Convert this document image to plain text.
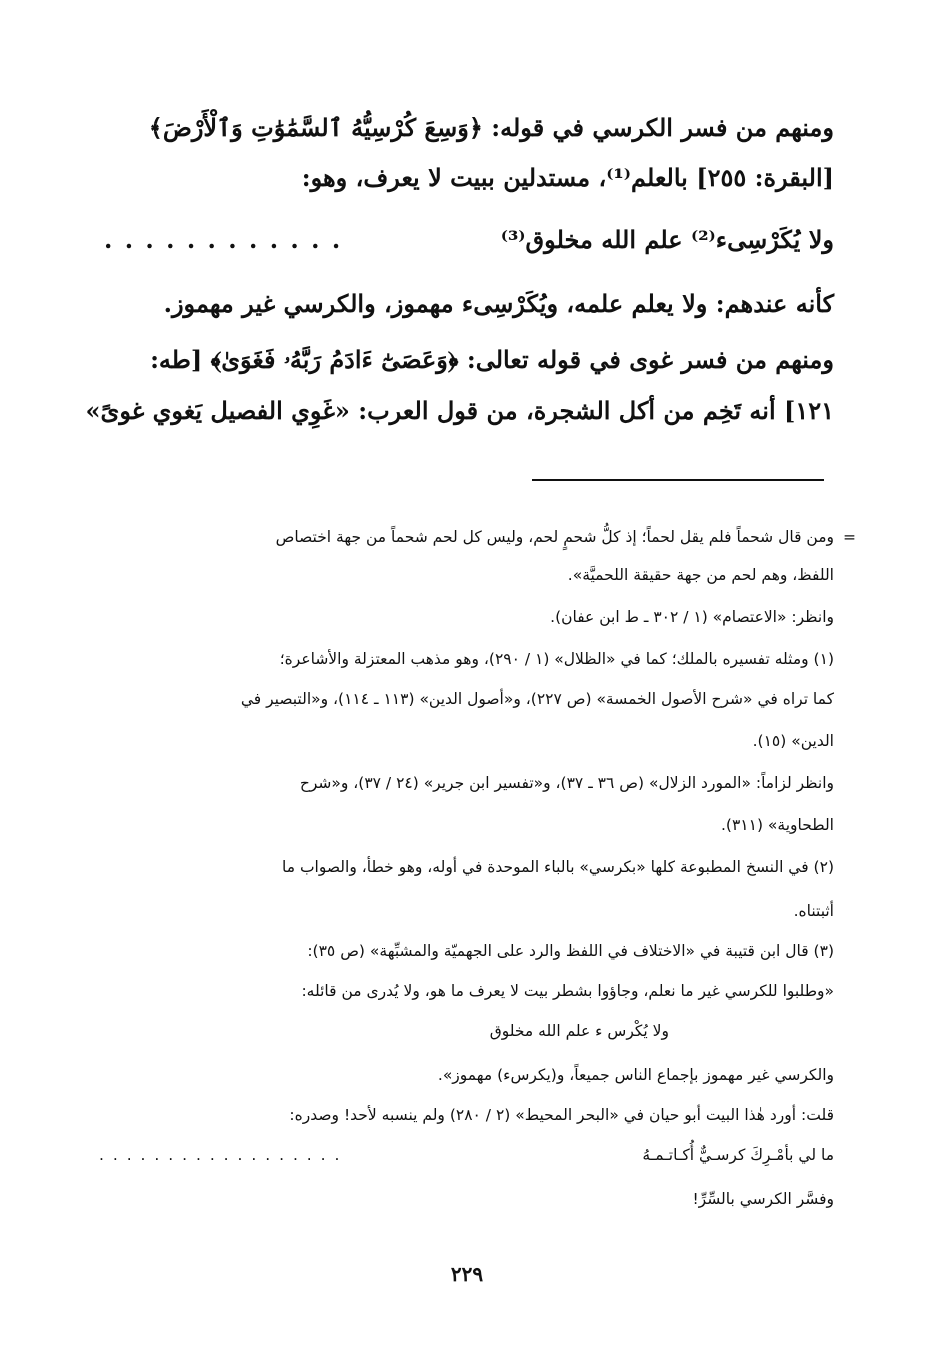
ومنهم من فسر الكرسي في قوله: ﴿وَسِعَ كُرْسِيُّهُ ٱلسَّمَٰوَٰتِ وَٱلْأَرْضَ﴾
[البقرة: ٢٥٥] بالعلم⁽¹⁾، مستدلين ببيت لا يعرف، وهو:
ولا يُكَرْسِىء⁽²⁾ علم الله مخلوق⁽³⁾
. . . . . . . . . . . .
كأنه عندهم: ولا يعلم علمه، ويُكَرْسِىء مهموز، والكرسي غير مهموز.
ومنهم من فسر غوى في قوله تعالى: ﴿وَعَصَىٰٓ ءَادَمُ رَبَّهُۥ فَغَوَىٰ﴾ [طه:
١٢١] أنه تَخِم من أكل الشجرة، من قول العرب: «غَوِي الفصيل يَغوي غوىً»
=
ومن قال شحماً فلم يقل لحماً؛ إذ كلُّ شحمٍ لحم، وليس كل لحم شحماً من جهة اختصاص
اللفظ، وهم لحم من جهة حقيقة اللحميَّة».
وانظر: «الاعتصام» (١ / ٣٠٢ ـ ط ابن عفان).
(١) ومثله تفسيره بالملك؛ كما في «الظلال» (١ / ٢٩٠)، وهو مذهب المعتزلة والأشاعرة؛
كما تراه في «شرح الأصول الخمسة» (ص ٢٢٧)، و«أصول الدين» (١١٣ ـ ١١٤)، و«التبصير في
الدين» (١٥).
وانظر لزاماً: «المورد الزلال» (ص ٣٦ ـ ٣٧)، و«تفسير ابن جرير» (٢٤ / ٣٧)، و«شرح
الطحاوية» (٣١١).
(٢) في النسخ المطبوعة كلها «بكرسي» بالباء الموحدة في أوله، وهو خطأ، والصواب ما
أثبتناه.
(٣) قال ابن قتيبة في «الاختلاف في اللفظ والرد على الجهميّة والمشبِّهة» (ص ٣٥):
«وطلبوا للكرسي غير ما نعلم، وجاؤوا بشطر بيت لا يعرف ما هو، ولا يُدرى من قائله:
ولا يُكْرس ء علم الله مخلوق
والكرسي غير مهموز بإجماع الناس جميعاً، و(يكرسء) مهموز».
قلت: أورد هٰذا البيت أبو حيان في «البحر المحيط» (٢ / ٢٨٠) ولم ينسبه لأحد! وصدره:
ما لي بأمْـرِكَ كرسـيٌّ أُكـاتـمـهُ
. . . . . . . . . . . . . . . . . .
وفسَّر الكرسي بالسِّرِّ!
٢٢٩
